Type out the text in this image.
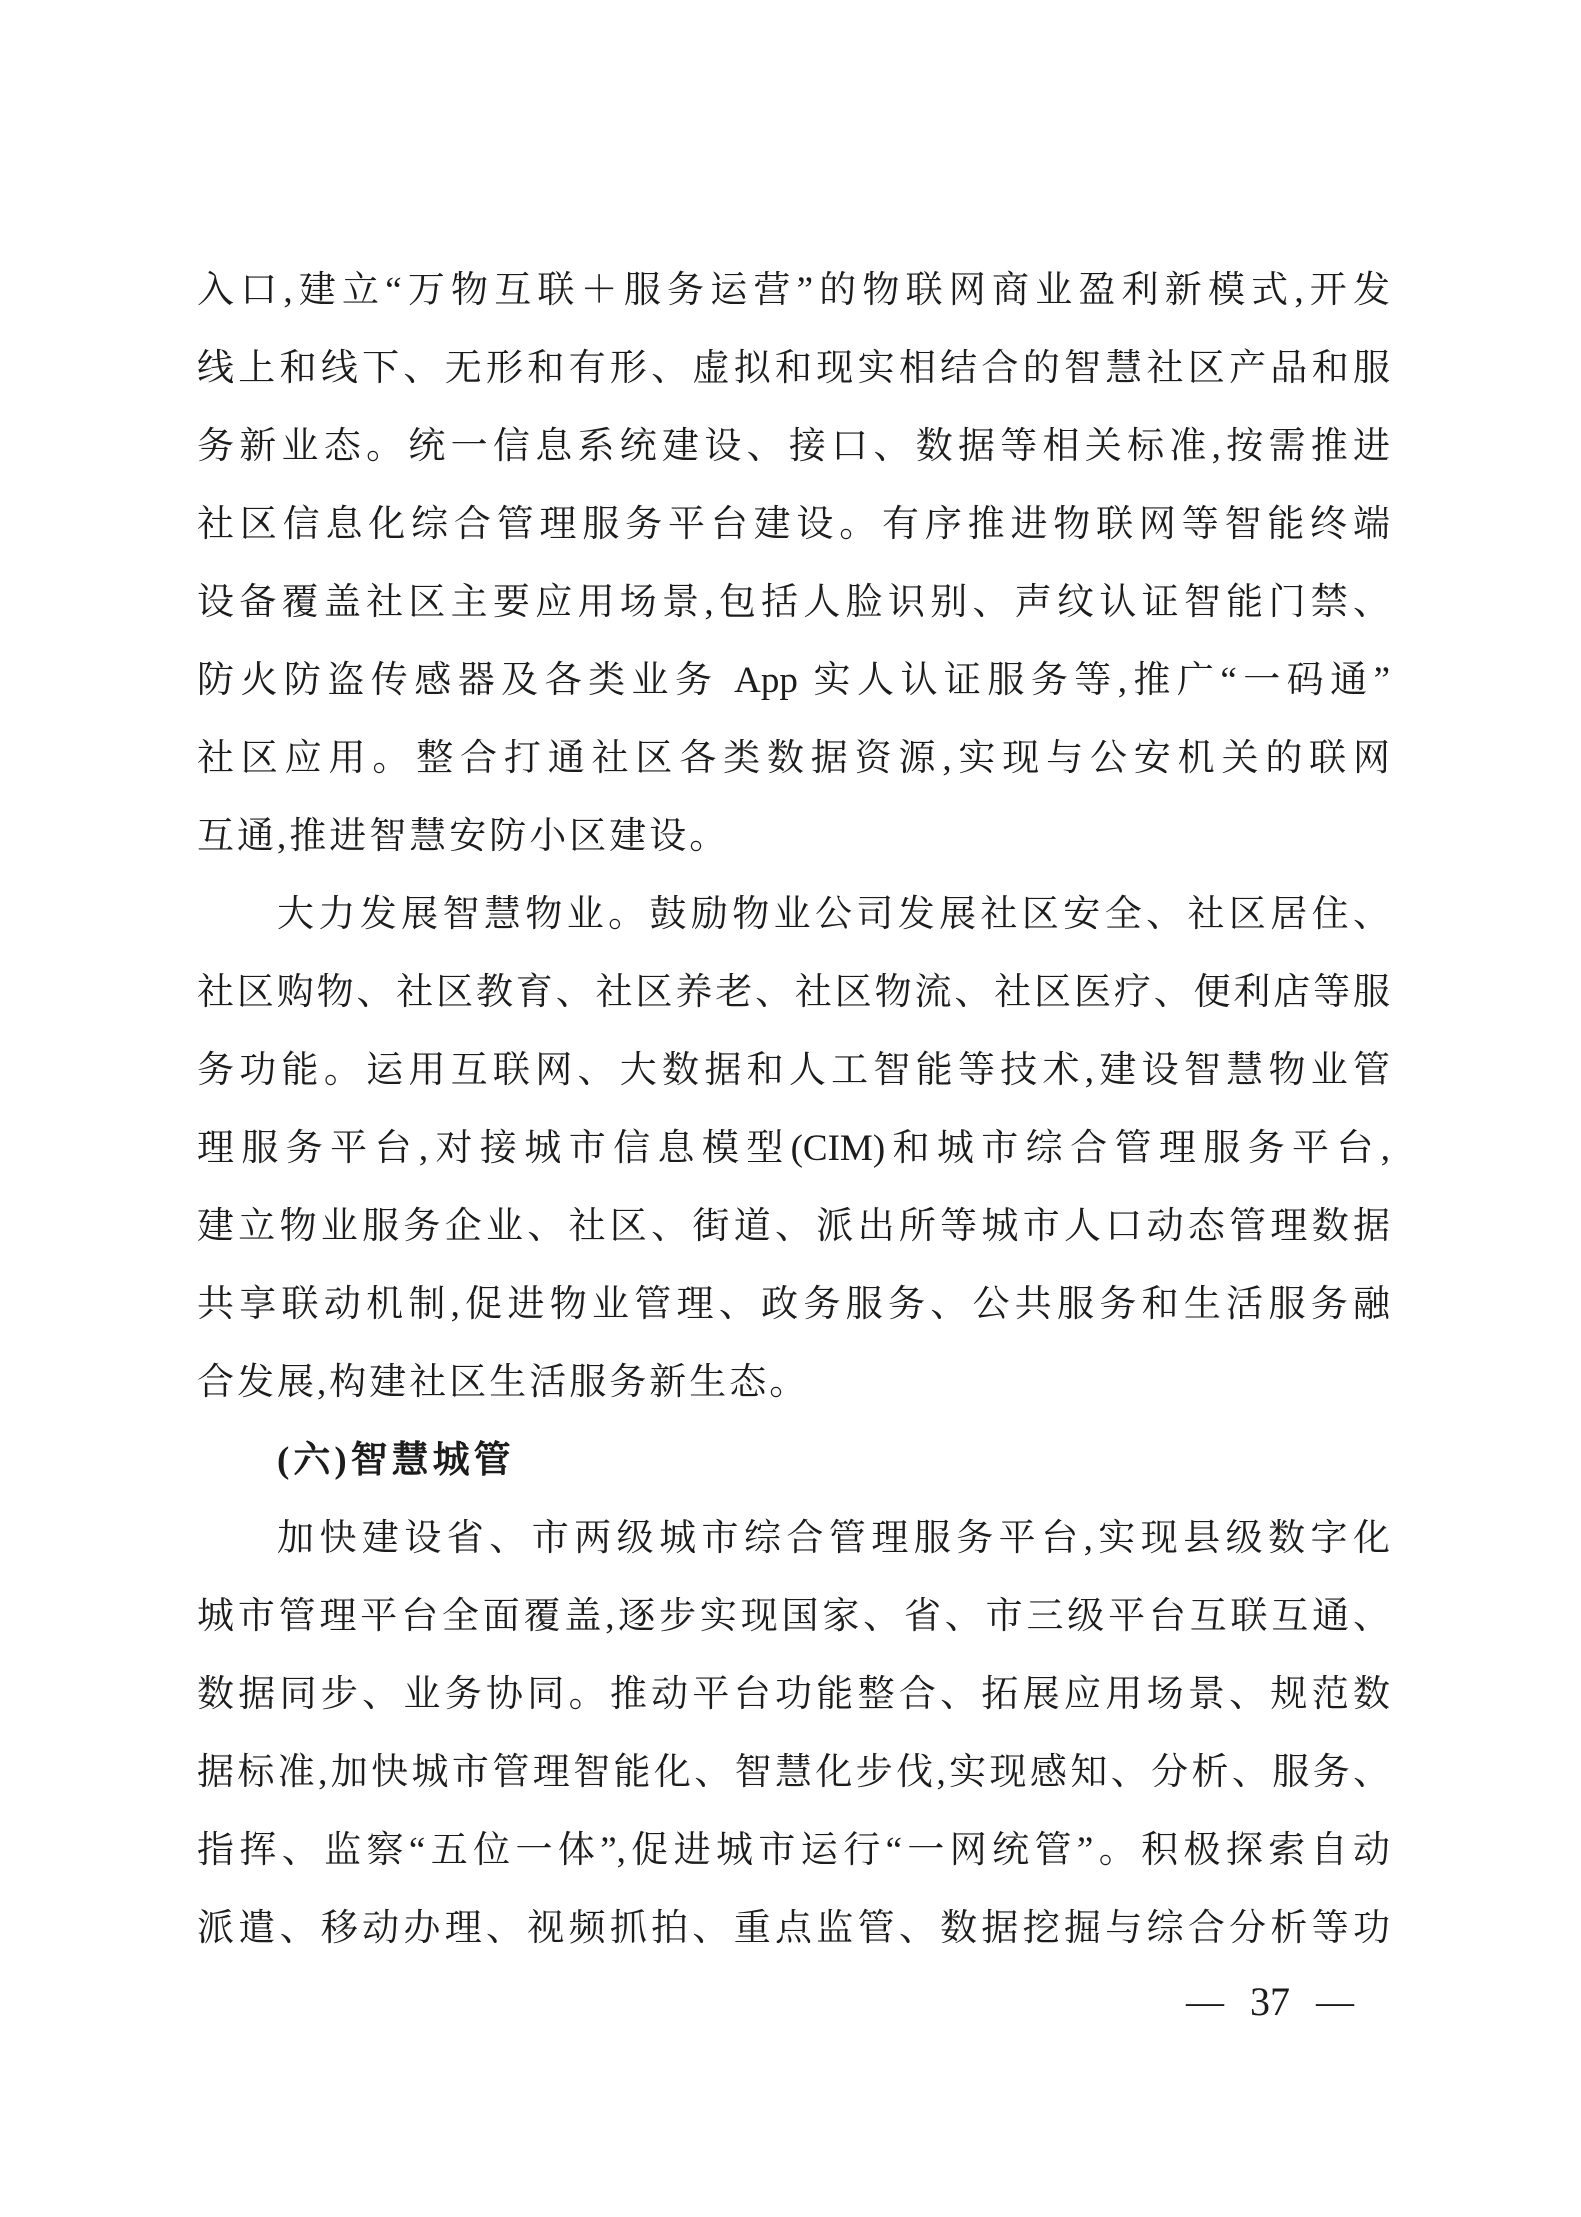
入口,建立“万物互联＋服务运营”的物联网商业盈利新模式,开发
线上和线下、无形和有形、虚拟和现实相结合的智慧社区产品和服
务新业态。统一信息系统建设、接口、数据等相关标准,按需推进
社区信息化综合管理服务平台建设。有序推进物联网等智能终端
设备覆盖社区主要应用场景,包括人脸识别、声纹认证智能门禁、
防火防盗传感器及各类业务 App 实人认证服务等,推广“一码通”
社区应用。整合打通社区各类数据资源,实现与公安机关的联网
互通,推进智慧安防小区建设。
大力发展智慧物业。鼓励物业公司发展社区安全、社区居住、
社区购物、社区教育、社区养老、社区物流、社区医疗、便利店等服
务功能。运用互联网、大数据和人工智能等技术,建设智慧物业管
理服务平台,对接城市信息模型(CIM)和城市综合管理服务平台,
建立物业服务企业、社区、街道、派出所等城市人口动态管理数据
共享联动机制,促进物业管理、政务服务、公共服务和生活服务融
合发展,构建社区生活服务新生态。
(六)智慧城管
加快建设省、市两级城市综合管理服务平台,实现县级数字化
城市管理平台全面覆盖,逐步实现国家、省、市三级平台互联互通、
数据同步、业务协同。推动平台功能整合、拓展应用场景、规范数
据标准,加快城市管理智能化、智慧化步伐,实现感知、分析、服务、
指挥、监察“五位一体”,促进城市运行“一网统管”。积极探索自动
派遣、移动办理、视频抓拍、重点监管、数据挖掘与综合分析等功
— 37 —
